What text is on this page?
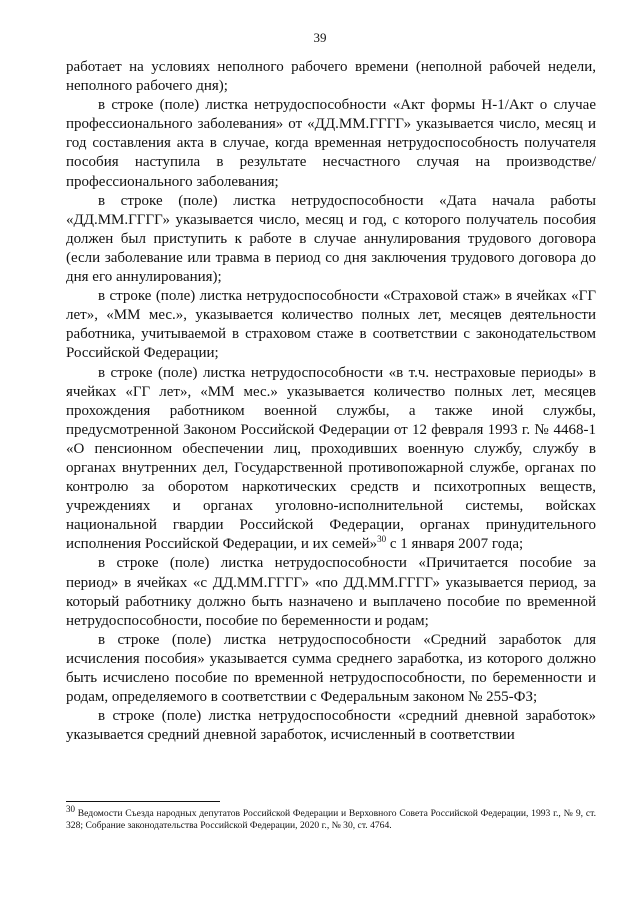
39

работает на условиях неполного рабочего времени (неполной рабочей недели, неполного рабочего дня);

в строке (поле) листка нетрудоспособности «Акт формы Н-1/Акт о случае профессионального заболевания» от «ДД.ММ.ГГГГ» указывается число, месяц и год составления акта в случае, когда временная нетрудоспособность получателя пособия наступила в результате несчастного случая на производстве/профессионального заболевания;

в строке (поле) листка нетрудоспособности «Дата начала работы «ДД.ММ.ГГГГ» указывается число, месяц и год, с которого получатель пособия должен был приступить к работе в случае аннулирования трудового договора (если заболевание или травма в период со дня заключения трудового договора до дня его аннулирования);

в строке (поле) листка нетрудоспособности «Страховой стаж» в ячейках «ГГ лет», «ММ мес.», указывается количество полных лет, месяцев деятельности работника, учитываемой в страховом стаже в соответствии с законодательством Российской Федерации;

в строке (поле) листка нетрудоспособности «в т.ч. нестраховые периоды» в ячейках «ГГ лет», «ММ мес.» указывается количество полных лет, месяцев прохождения работником военной службы, а также иной службы, предусмотренной Законом Российской Федерации от 12 февраля 1993 г. № 4468-1 «О пенсионном обеспечении лиц, проходивших военную службу, службу в органах внутренних дел, Государственной противопожарной службе, органах по контролю за оборотом наркотических средств и психотропных веществ, учреждениях и органах уголовно-исполнительной системы, войсках национальной гвардии Российской Федерации, органах принудительного исполнения Российской Федерации, и их семей»$^{30}$ с 1 января 2007 года;

в строке (поле) листка нетрудоспособности «Причитается пособие за период» в ячейках «с ДД.ММ.ГГГГ» «по ДД.ММ.ГГГГ» указывается период, за который работнику должно быть назначено и выплачено пособие по временной нетрудоспособности, пособие по беременности и родам;

в строке (поле) листка нетрудоспособности «Средний заработок для исчисления пособия» указывается сумма среднего заработка, из которого должно быть исчислено пособие по временной нетрудоспособности, по беременности и родам, определяемого в соответствии с Федеральным законом № 255-ФЗ;

в строке (поле) листка нетрудоспособности «средний дневной заработок» указывается средний дневной заработок, исчисленный в соответствии

$^{30}$ Ведомости Съезда народных депутатов Российской Федерации и Верховного Совета Российской Федерации, 1993 г., № 9, ст. 328; Собрание законодательства Российской Федерации, 2020 г., № 30, ст. 4764.
